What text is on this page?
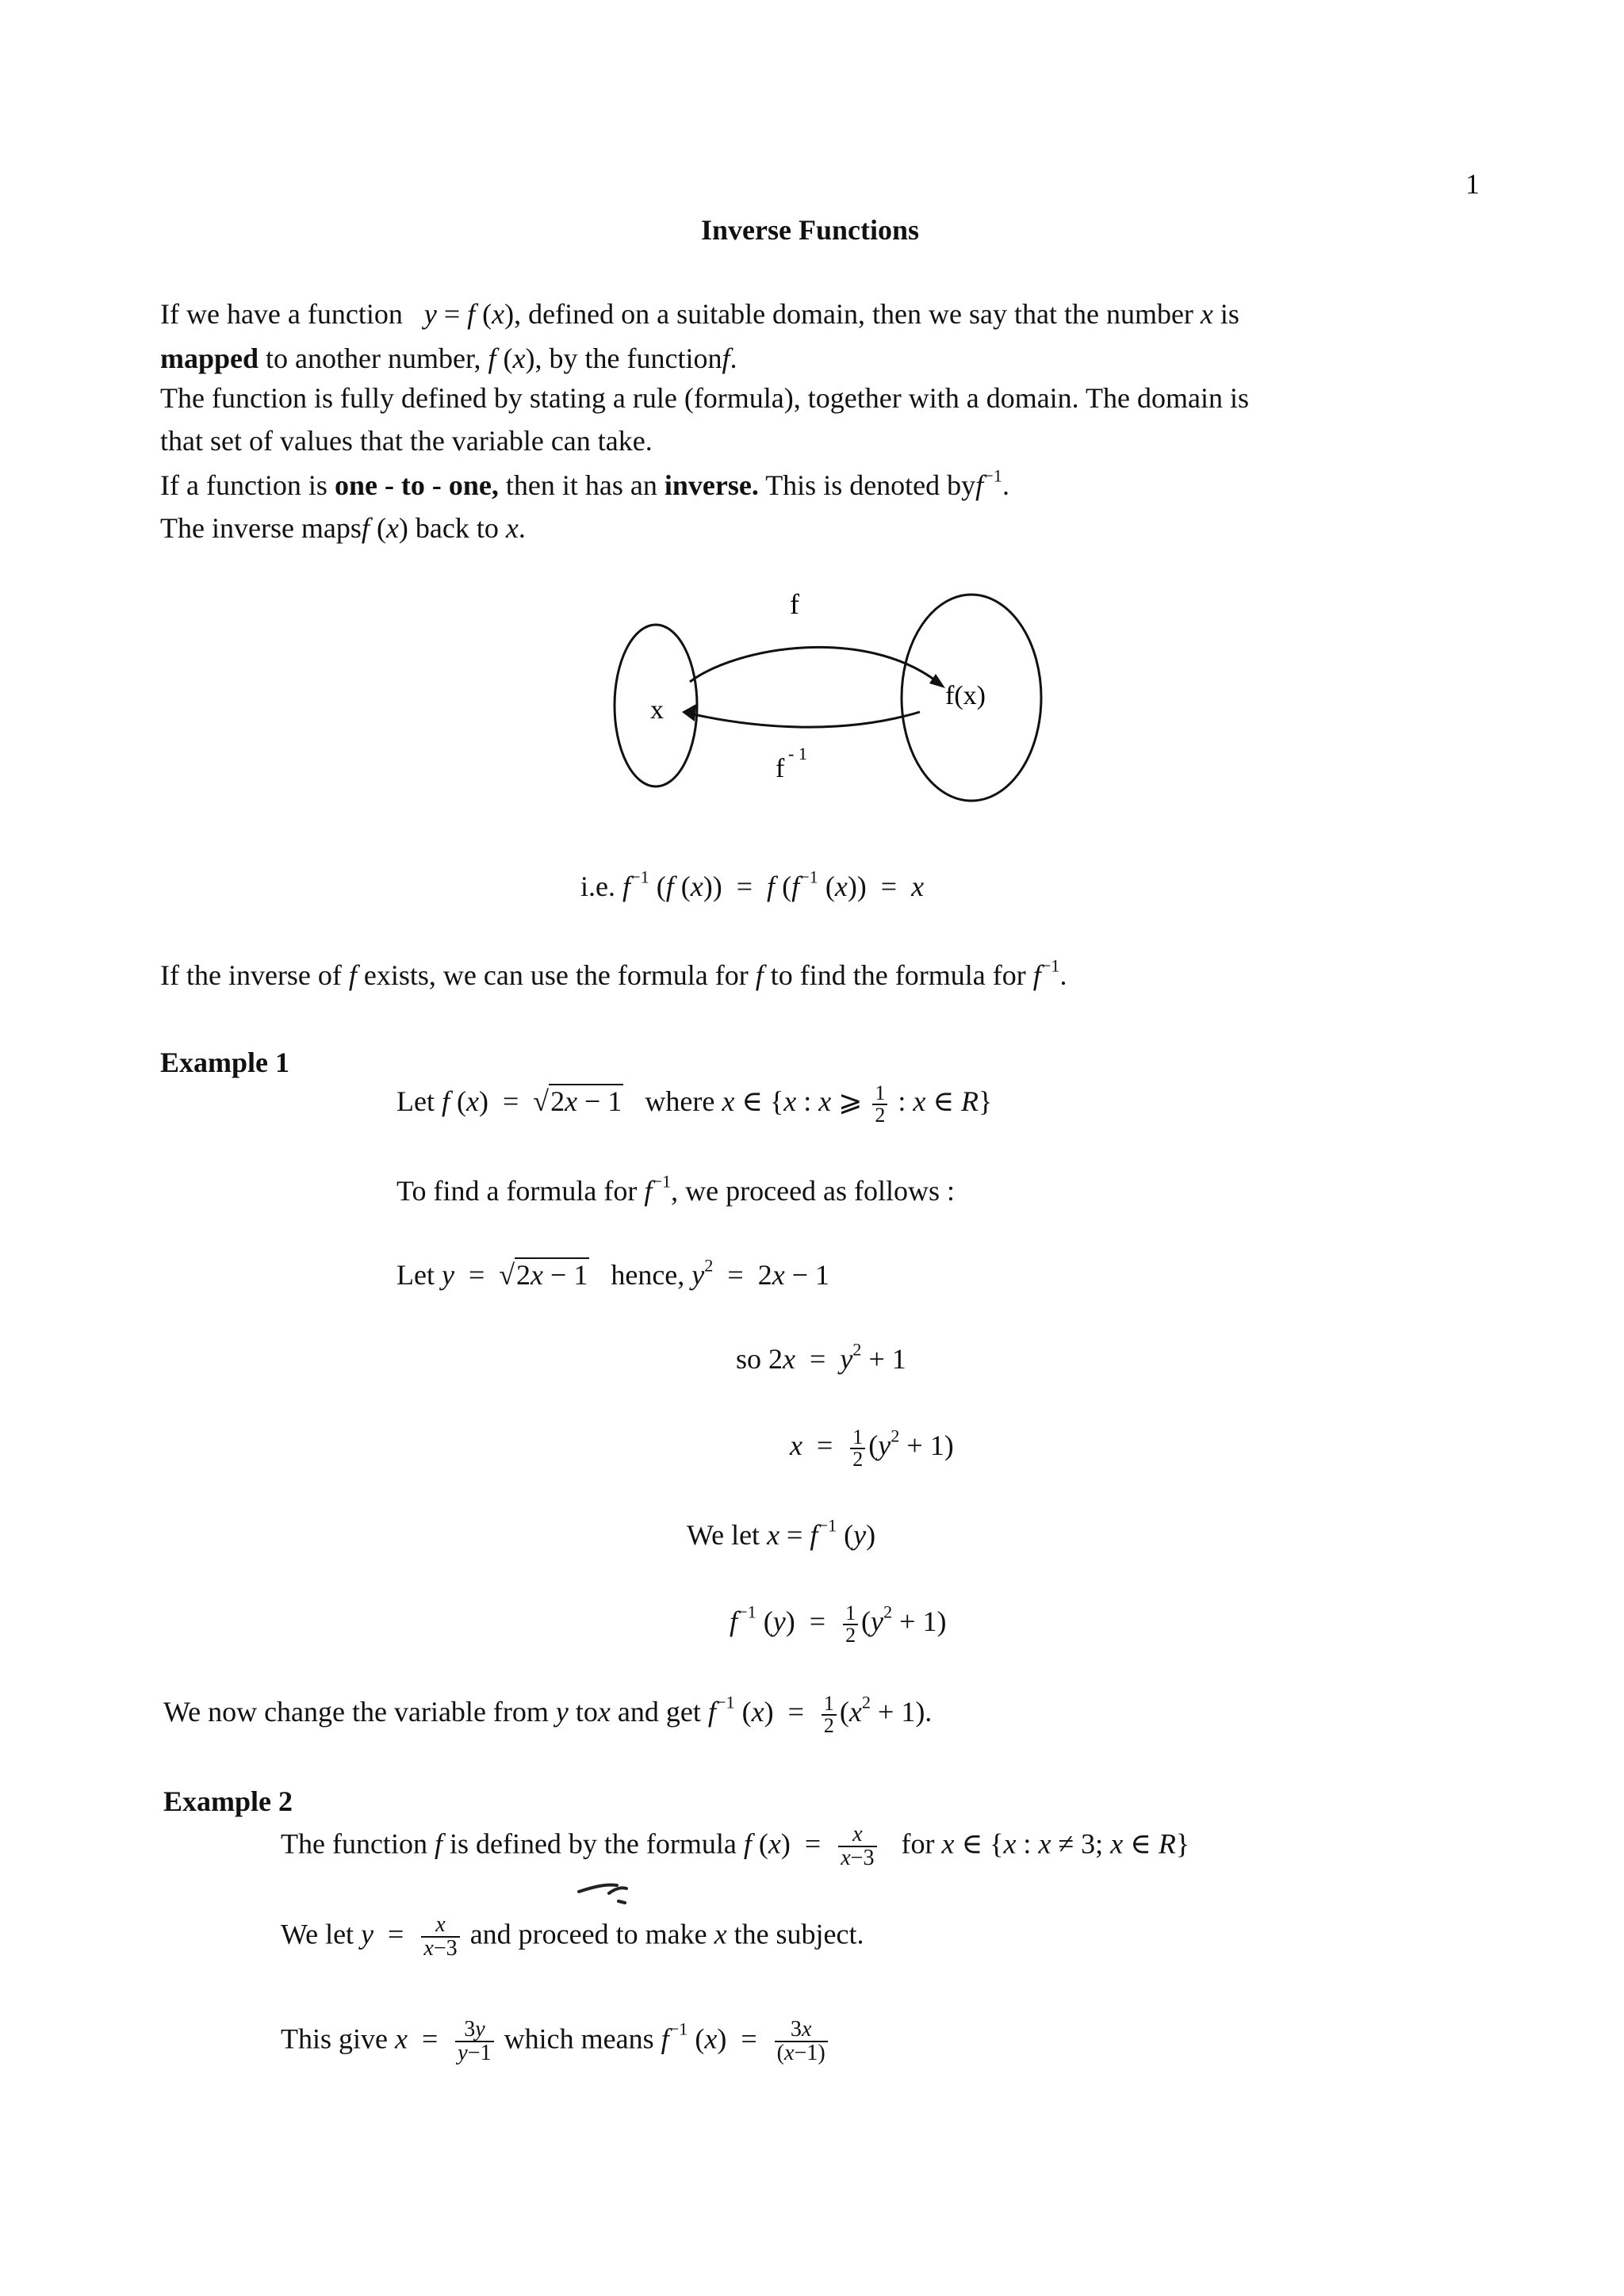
1
Inverse Functions
If we have a function y = f (x), defined on a suitable domain, then we say that the number x is
mapped to another number, f (x), by the functionf.
The function is fully defined by stating a rule (formula), together with a domain. The domain is
that set of values that the variable can take.
If a function is one - to - one, then it has an inverse. This is denoted byf$^{-1}$.
The inverse mapsf (x) back to x.
f
x	f(x)
f
- 1
i.e. $f^{-1}$ (f (x)) = f ($f^{-1}$ (x)) = x
If the inverse of f exists, we can use the formula for f to find the formula for $f^{-1}$.
Example 1
Let f (x) = √2x − 1 where x ∈ {x : x ⩾ $\frac{1}{2}$ : x ∈ R}
To find a formula for $f^{-1}$, we proceed as follows :
Let y = √2x − 1 hence, $y^2 = 2x - 1$
so $2x = y^2 + 1$
$x = \frac{1}{2} (y^2 + 1)$
We let $x = f^{-1}$ (y)
$f^{-1}$ $(y) = \frac{1}{2} (y^2 + 1)$
We now change the variable from y tox and get $f^{-1}$ $(x) = \frac{1}{2} (x^2 + 1)$.
Example 2
The function f is defined by the formula f $(x) = \frac{x}{x-3}$ for x ∈ {x : x ≠ 3; x ∈ R}
We let $y = \frac{x}{x-3}$ and proceed to make x the subject.
This give $x = \frac{3y}{y-1}$ which means $f^{-1}$ $(x) = \frac{3x}{(x-1)}$
